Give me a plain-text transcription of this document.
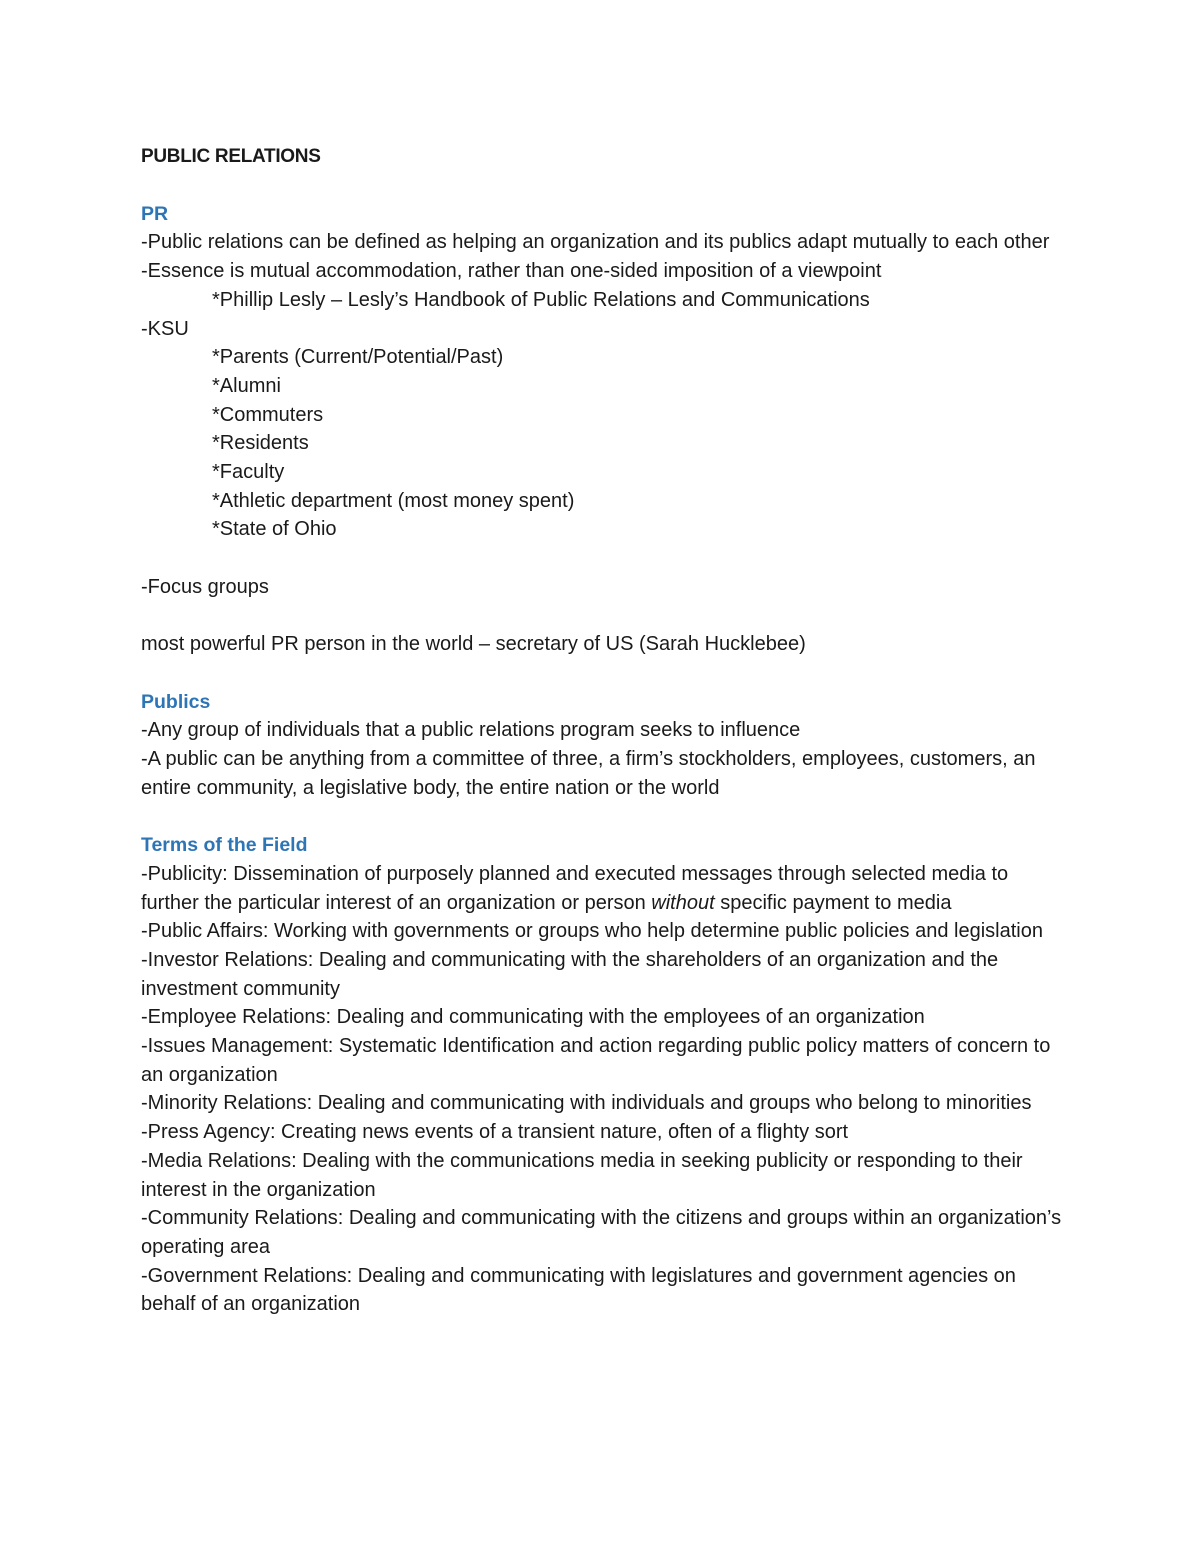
PUBLIC RELATIONS

PR

-Public relations can be defined as helping an organization and its publics adapt mutually to each other

-Essence is mutual accommodation, rather than one-sided imposition of a viewpoint

*Phillip Lesly – Lesly’s Handbook of Public Relations and Communications

-KSU

*Parents (Current/Potential/Past)

*Alumni

*Commuters

*Residents

*Faculty

*Athletic department (most money spent)

*State of Ohio

-Focus groups

most powerful PR person in the world – secretary of US (Sarah Hucklebee)

Publics

-Any group of individuals that a public relations program seeks to influence

-A public can be anything from a committee of three, a firm’s stockholders, employees, customers, an entire community, a legislative body, the entire nation or the world

Terms of the Field

-Publicity: Dissemination of purposely planned and executed messages through selected media to further the particular interest of an organization or person without specific payment to media

-Public Affairs: Working with governments or groups who help determine public policies and legislation

-Investor Relations: Dealing and communicating with the shareholders of an organization and the investment community

-Employee Relations: Dealing and communicating with the employees of an organization

-Issues Management: Systematic Identification and action regarding public policy matters of concern to an organization

-Minority Relations: Dealing and communicating with individuals and groups who belong to minorities

-Press Agency: Creating news events of a transient nature, often of a flighty sort

-Media Relations: Dealing with the communications media in seeking publicity or responding to their interest in the organization

-Community Relations: Dealing and communicating with the citizens and groups within an organization’s operating area

-Government Relations: Dealing and communicating with legislatures and government agencies on behalf of an organization
